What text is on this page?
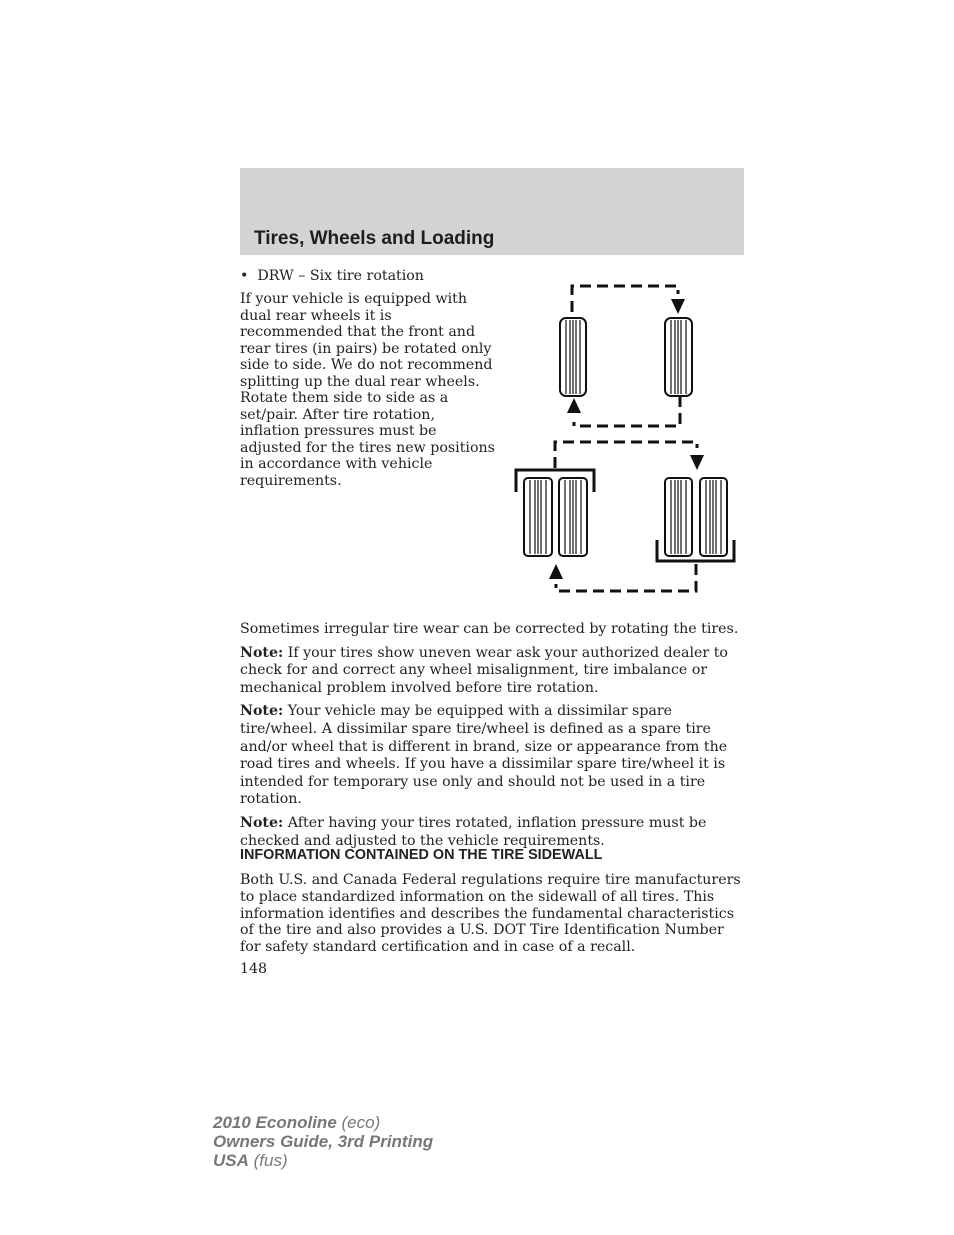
Tires, Wheels and Loading
• DRW – Six tire rotation
If your vehicle is equipped with dual rear wheels it is recommended that the front and rear tires (in pairs) be rotated only side to side. We do not recommend splitting up the dual rear wheels. Rotate them side to side as a set/pair. After tire rotation, inflation pressures must be adjusted for the tires new positions in accordance with vehicle requirements.

Sometimes irregular tire wear can be corrected by rotating the tires.

Note: If your tires show uneven wear ask your authorized dealer to check for and correct any wheel misalignment, tire imbalance or mechanical problem involved before tire rotation.

Note: Your vehicle may be equipped with a dissimilar spare tire/wheel. A dissimilar spare tire/wheel is defined as a spare tire and/or wheel that is different in brand, size or appearance from the road tires and wheels. If you have a dissimilar spare tire/wheel it is intended for temporary use only and should not be used in a tire rotation.

Note: After having your tires rotated, inflation pressure must be checked and adjusted to the vehicle requirements.

INFORMATION CONTAINED ON THE TIRE SIDEWALL
Both U.S. and Canada Federal regulations require tire manufacturers to place standardized information on the sidewall of all tires. This information identifies and describes the fundamental characteristics of the tire and also provides a U.S. DOT Tire Identification Number for safety standard certification and in case of a recall.
148
2010 Econoline (eco)
Owners Guide, 3rd Printing
USA (fus)
